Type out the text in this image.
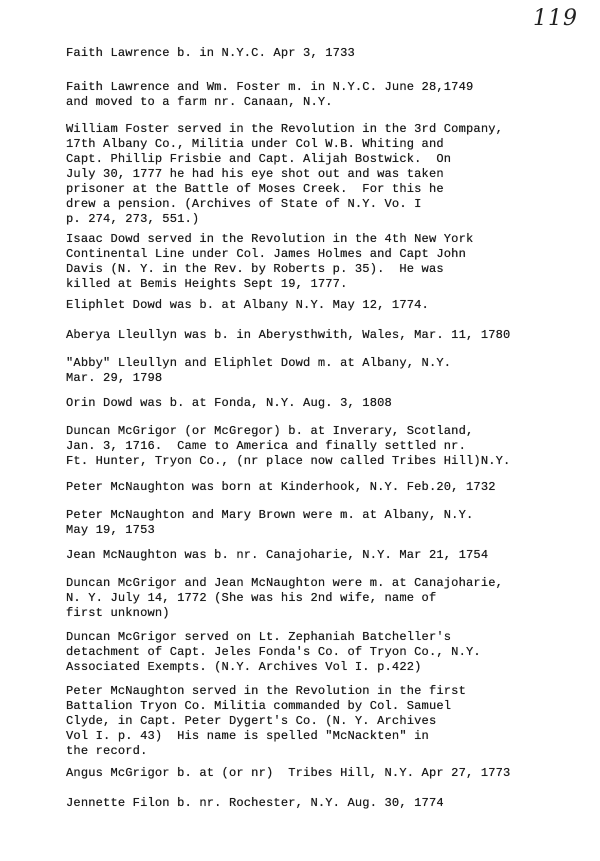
119
Faith Lawrence b. in N.Y.C. Apr 3, 1733
Faith Lawrence and Wm. Foster m. in N.Y.C. June 28,1749
and moved to a farm nr. Canaan, N.Y.
William Foster served in the Revolution in the 3rd Company,
17th Albany Co., Militia under Col W.B. Whiting and
Capt. Phillip Frisbie and Capt. Alijah Bostwick.  On
July 30, 1777 he had his eye shot out and was taken
prisoner at the Battle of Moses Creek.  For this he
drew a pension. (Archives of State of N.Y. Vo. I
p. 274, 273, 551.)
Isaac Dowd served in the Revolution in the 4th New York
Continental Line under Col. James Holmes and Capt John
Davis (N. Y. in the Rev. by Roberts p. 35).  He was
killed at Bemis Heights Sept 19, 1777.
Eliphlet Dowd was b. at Albany N.Y. May 12, 1774.
Aberya Lleullyn was b. in Aberysthwith, Wales, Mar. 11, 1780
"Abby" Lleullyn and Eliphlet Dowd m. at Albany, N.Y.
Mar. 29, 1798
Orin Dowd was b. at Fonda, N.Y. Aug. 3, 1808
Duncan McGrigor (or McGregor) b. at Inverary, Scotland,
Jan. 3, 1716.  Came to America and finally settled nr.
Ft. Hunter, Tryon Co., (nr place now called Tribes Hill)N.Y.
Peter McNaughton was born at Kinderhook, N.Y. Feb.20, 1732
Peter McNaughton and Mary Brown were m. at Albany, N.Y.
May 19, 1753
Jean McNaughton was b. nr. Canajoharie, N.Y. Mar 21, 1754
Duncan McGrigor and Jean McNaughton were m. at Canajoharie,
N. Y. July 14, 1772 (She was his 2nd wife, name of
first unknown)
Duncan McGrigor served on Lt. Zephaniah Batcheller's
detachment of Capt. Jeles Fonda's Co. of Tryon Co., N.Y.
Associated Exempts. (N.Y. Archives Vol I. p.422)
Peter McNaughton served in the Revolution in the first
Battalion Tryon Co. Militia commanded by Col. Samuel
Clyde, in Capt. Peter Dygert's Co. (N. Y. Archives
Vol I. p. 43)  His name is spelled "McNackten" in
the record.
Angus McGrigor b. at (or nr)  Tribes Hill, N.Y. Apr 27, 1773
Jennette Filon b. nr. Rochester, N.Y. Aug. 30, 1774
